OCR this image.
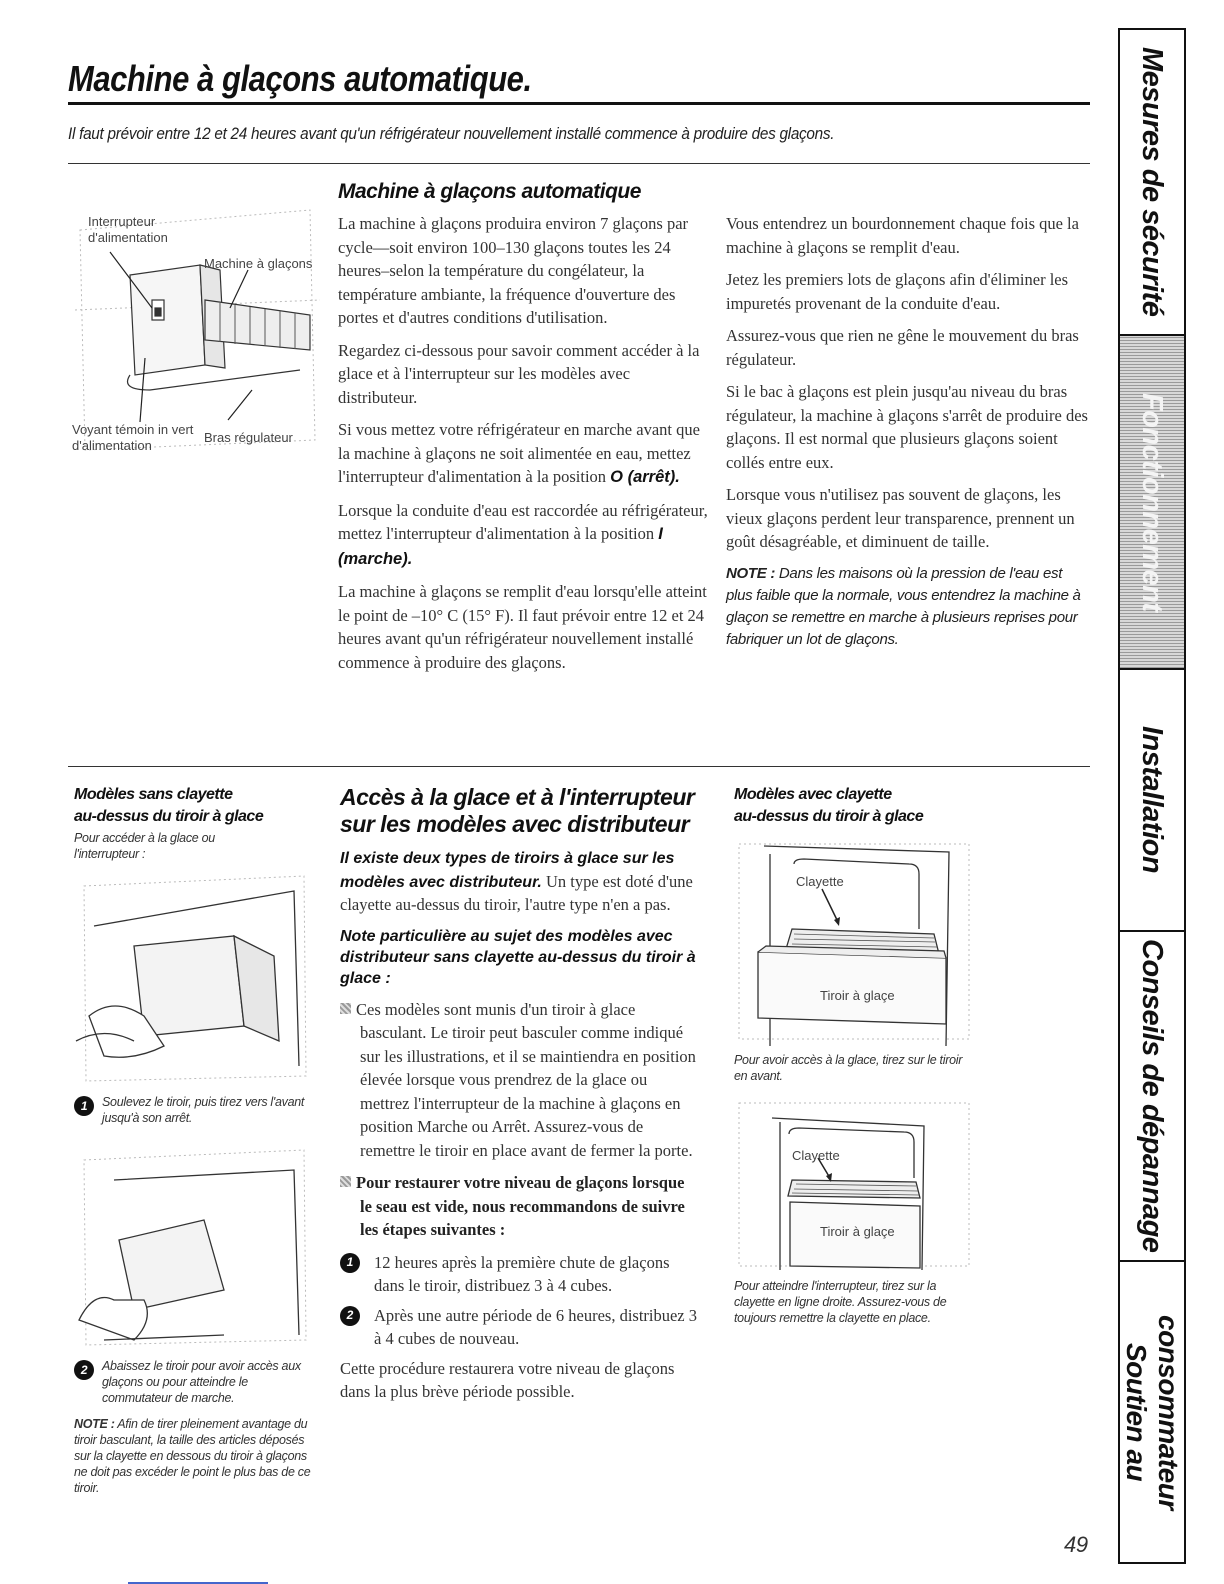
Machine à glaçons automatique.
Il faut prévoir entre 12 et 24 heures avant qu'un réfrigérateur nouvellement installé commence à produire des glaçons.
Interrupteur
d'alimentation
Machine à glaçons
Voyant témoin in vert
d'alimentation
Bras régulateur
Machine à glaçons automatique

La machine à glaçons produira environ 7 glaçons par cycle—soit environ 100–130 glaçons toutes les 24 heures–selon la température du congélateur, la température ambiante, la fréquence d'ouverture des portes et d'autres conditions d'utilisation.

Regardez ci-dessous pour savoir comment accéder à la glace et à l'interrupteur sur les modèles avec distributeur.

Si vous mettez votre réfrigérateur en marche avant que la machine à glaçons ne soit alimentée en eau, mettez l'interrupteur d'alimentation à la position O (arrêt).

Lorsque la conduite d'eau est raccordée au réfrigérateur, mettez l'interrupteur d'alimentation à la position I (marche).

La machine à glaçons se remplit d'eau lorsqu'elle atteint le point de –10° C (15° F). Il faut prévoir entre 12 et 24 heures avant qu'un réfrigérateur nouvellement installé commence à produire des glaçons.

Vous entendrez un bourdonnement chaque fois que la machine à glaçons se remplit d'eau.

Jetez les premiers lots de glaçons afin d'éliminer les impuretés provenant de la conduite d'eau.

Assurez-vous que rien ne gêne le mouvement du bras régulateur.

Si le bac à glaçons est plein jusqu'au niveau du bras régulateur, la machine à glaçons s'arrêt de produire des glaçons. Il est normal que plusieurs glaçons soient collés entre eux.

Lorsque vous n'utilisez pas souvent de glaçons, les vieux glaçons perdent leur transparence, prennent un goût désagréable, et diminuent de taille.

NOTE : Dans les maisons où la pression de l'eau est plus faible que la normale, vous entendrez la machine à glaçon se remettre en marche à plusieurs reprises pour fabriquer un lot de glaçons.

Modèles sans clayette
au-dessus du tiroir à glace
Pour accéder à la glace ou
l'interrupteur :
1	Soulevez le tiroir, puis tirez vers l'avant jusqu'à son arrêt.
2	Abaissez le tiroir pour avoir accès aux glaçons ou pour atteindre le commutateur de marche.
NOTE : Afin de tirer pleinement avantage du tiroir basculant, la taille des articles déposés sur la clayette en dessous du tiroir à glaçons ne doit pas excéder le point le plus bas de ce tiroir.
Accès à la glace et à l'interrupteur
sur les modèles avec distributeur

Il existe deux types de tiroirs à glace sur les modèles avec distributeur. Un type est doté d'une clayette au-dessus du tiroir, l'autre type n'en a pas.

Note particulière au sujet des modèles avec distributeur sans clayette au-dessus du tiroir à glace :

Ces modèles sont munis d'un tiroir à glace basculant. Le tiroir peut basculer comme indiqué sur les illustrations, et il se maintiendra en position élevée lorsque vous prendrez de la glace ou mettrez l'interrupteur de la machine à glaçons en position Marche ou Arrêt. Assurez-vous de remettre le tiroir en place avant de fermer la porte.

Pour restaurer votre niveau de glaçons lorsque le seau est vide, nous recommandons de suivre les étapes suivantes :

1	12 heures après la première chute de glaçons dans le tiroir, distribuez 3 à 4 cubes.
2	Après une autre période de 6 heures, distribuez 3 à 4 cubes de nouveau.

Cette procédure restaurera votre niveau de glaçons dans la plus brève période possible.

Modèles avec clayette
au-dessus du tiroir à glace
Clayette
Tiroir à glaçe
Pour avoir accès à la glace, tirez sur le tiroir en avant.
Clayette
Tiroir à glaçe
Pour atteindre l'interrupteur, tirez sur la clayette en ligne droite. Assurez-vous de toujours remettre la clayette en place.
Mesures de sécurité
Fonctionnement
Installation
Conseils de dépannage
Soutien au consommateur
49
